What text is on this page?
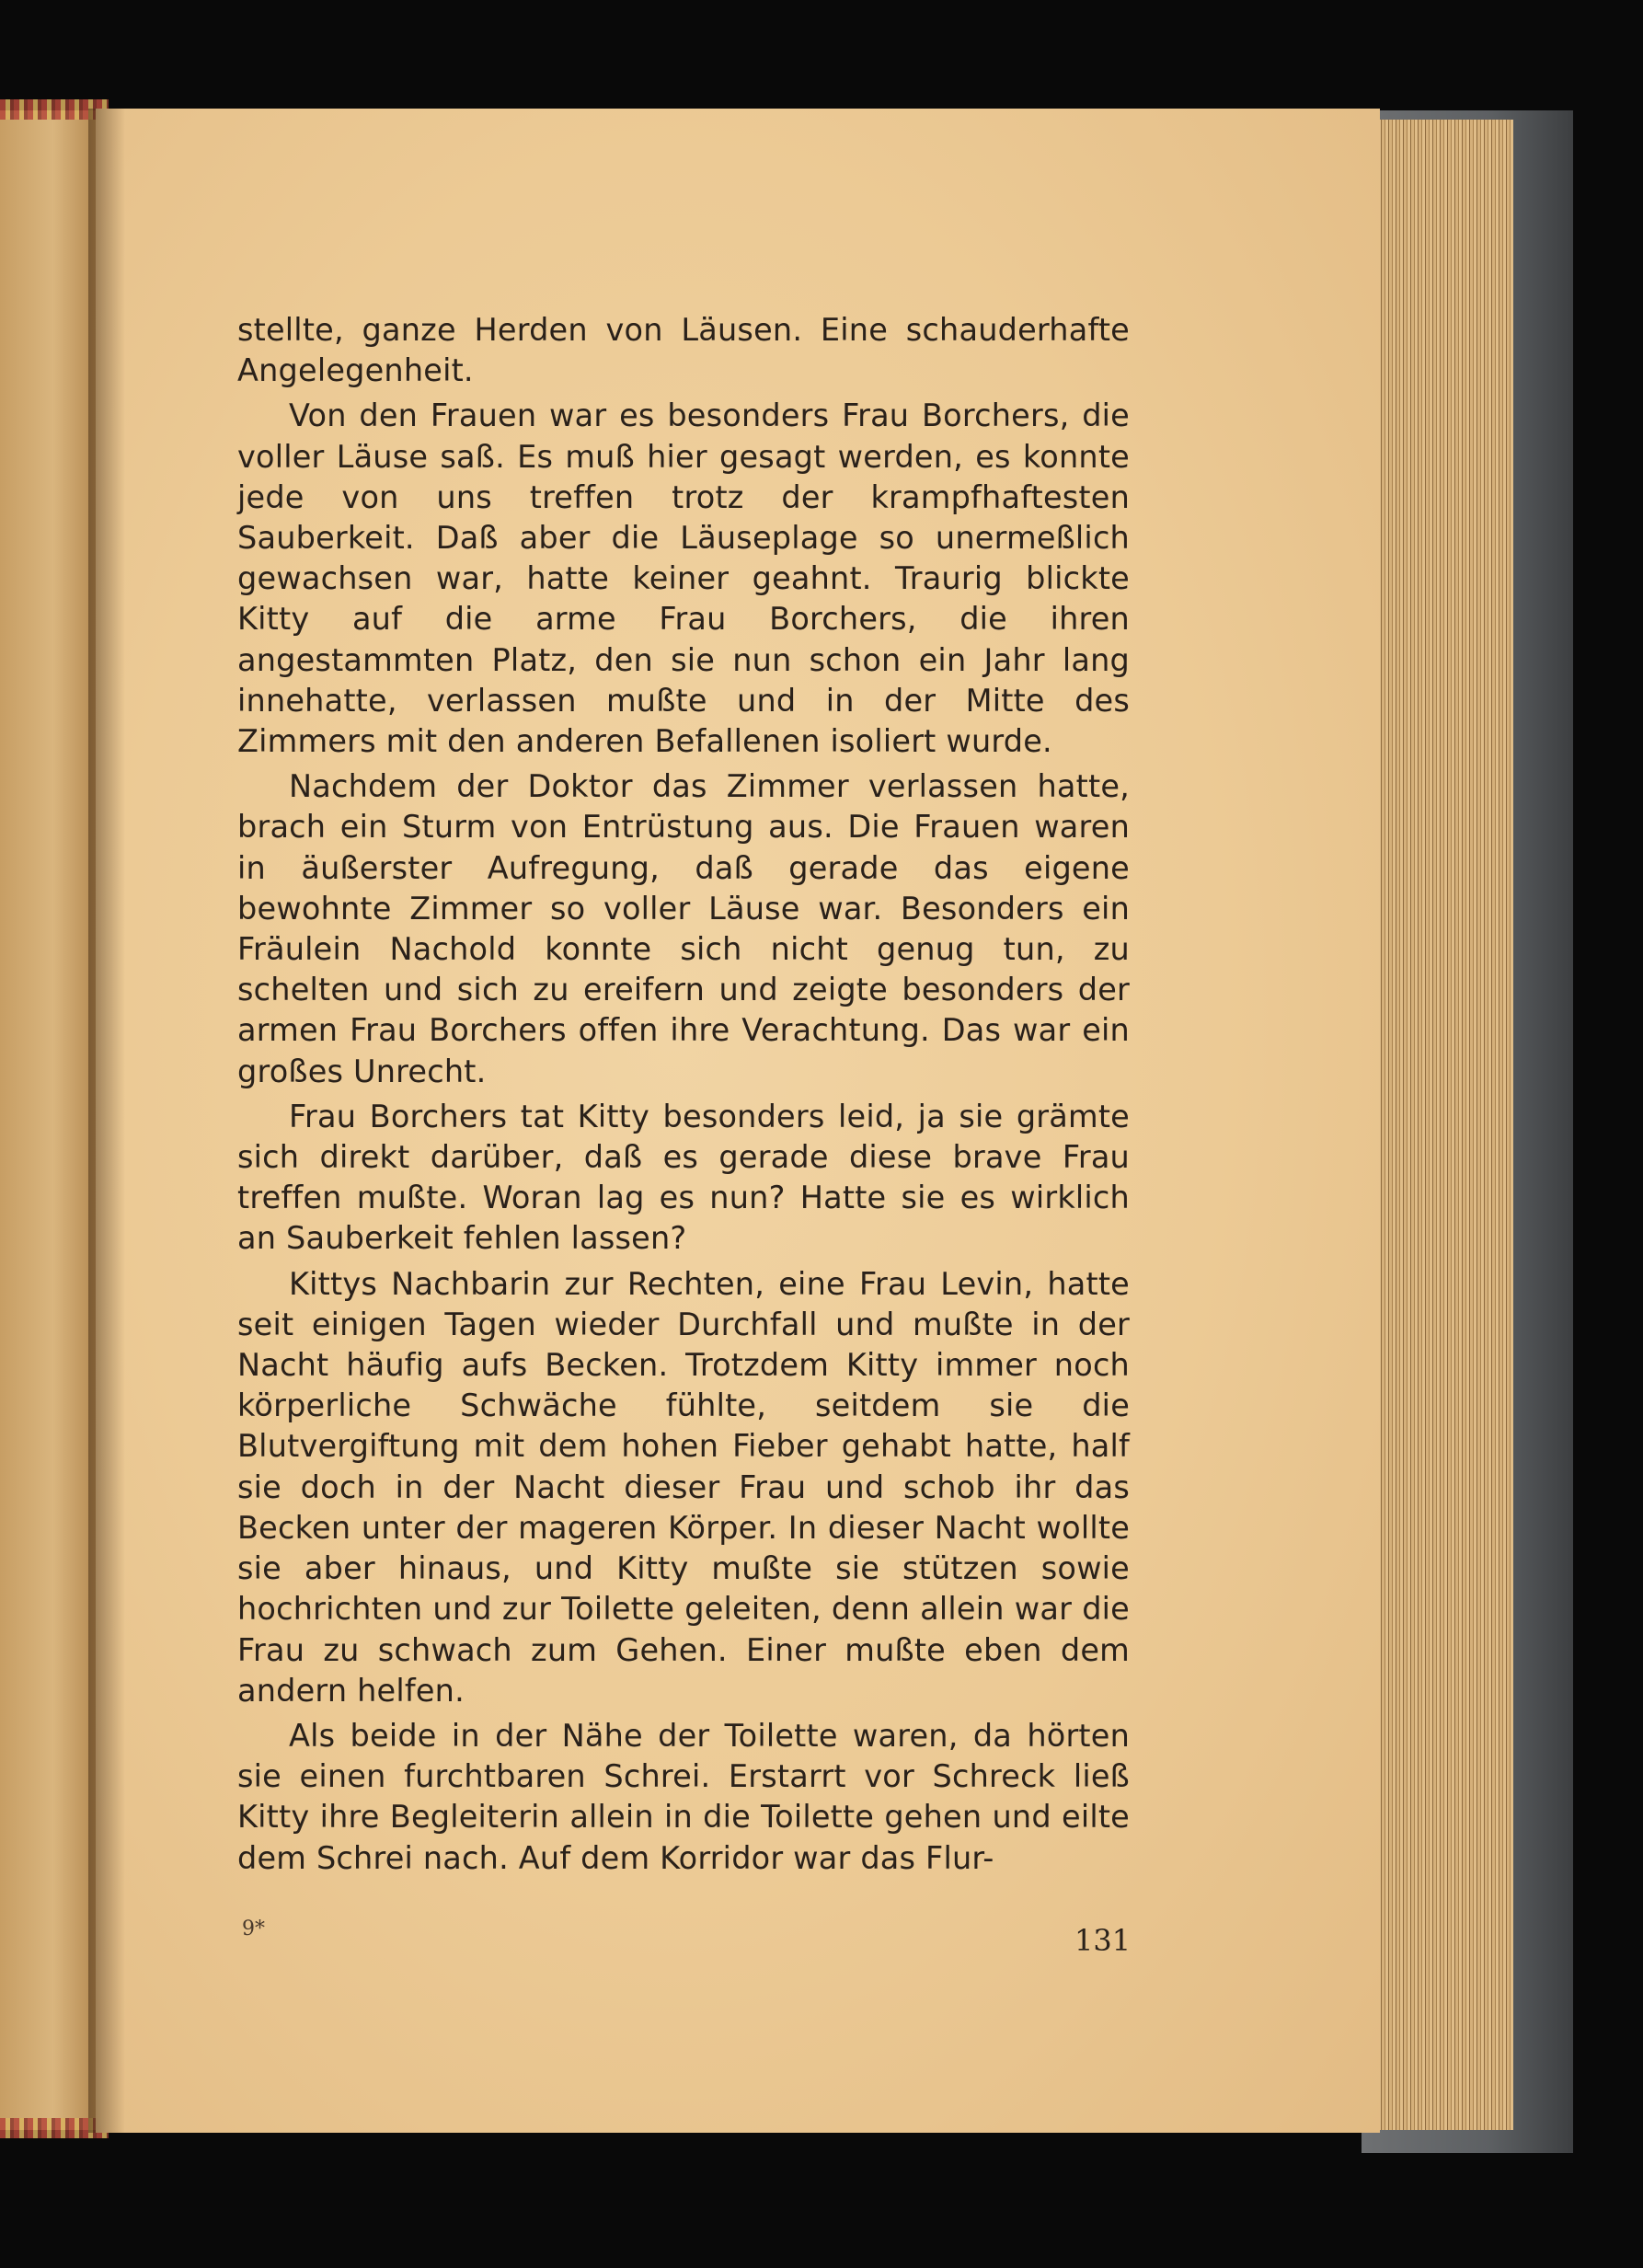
stellte, ganze Herden von Läusen. Eine schauderhafte Angelegenheit.

Von den Frauen war es besonders Frau Borchers, die voller Läuse saß. Es muß hier gesagt werden, es konnte jede von uns treffen trotz der krampfhaftesten Sauberkeit. Daß aber die Läuseplage so unermeßlich gewachsen war, hatte keiner geahnt. Traurig blickte Kitty auf die arme Frau Borchers, die ihren angestammten Platz, den sie nun schon ein Jahr lang innehatte, verlassen mußte und in der Mitte des Zimmers mit den anderen Befallenen isoliert wurde.

Nachdem der Doktor das Zimmer verlassen hatte, brach ein Sturm von Entrüstung aus. Die Frauen waren in äußerster Aufregung, daß gerade das eigene bewohnte Zimmer so voller Läuse war. Besonders ein Fräulein Nachold konnte sich nicht genug tun, zu schelten und sich zu ereifern und zeigte besonders der armen Frau Borchers offen ihre Verachtung. Das war ein großes Unrecht.

Frau Borchers tat Kitty besonders leid, ja sie grämte sich direkt darüber, daß es gerade diese brave Frau treffen mußte. Woran lag es nun? Hatte sie es wirklich an Sauberkeit fehlen lassen?

Kittys Nachbarin zur Rechten, eine Frau Levin, hatte seit einigen Tagen wieder Durchfall und mußte in der Nacht häufig aufs Becken. Trotzdem Kitty immer noch körperliche Schwäche fühlte, seitdem sie die Blutvergiftung mit dem hohen Fieber gehabt hatte, half sie doch in der Nacht dieser Frau und schob ihr das Becken unter der mageren Körper. In dieser Nacht wollte sie aber hinaus, und Kitty mußte sie stützen sowie hochrichten und zur Toilette geleiten, denn allein war die Frau zu schwach zum Gehen. Einer mußte eben dem andern helfen.

Als beide in der Nähe der Toilette waren, da hörten sie einen furchtbaren Schrei. Erstarrt vor Schreck ließ Kitty ihre Begleiterin allein in die Toilette gehen und eilte dem Schrei nach. Auf dem Korridor war das Flur-

9*	131
